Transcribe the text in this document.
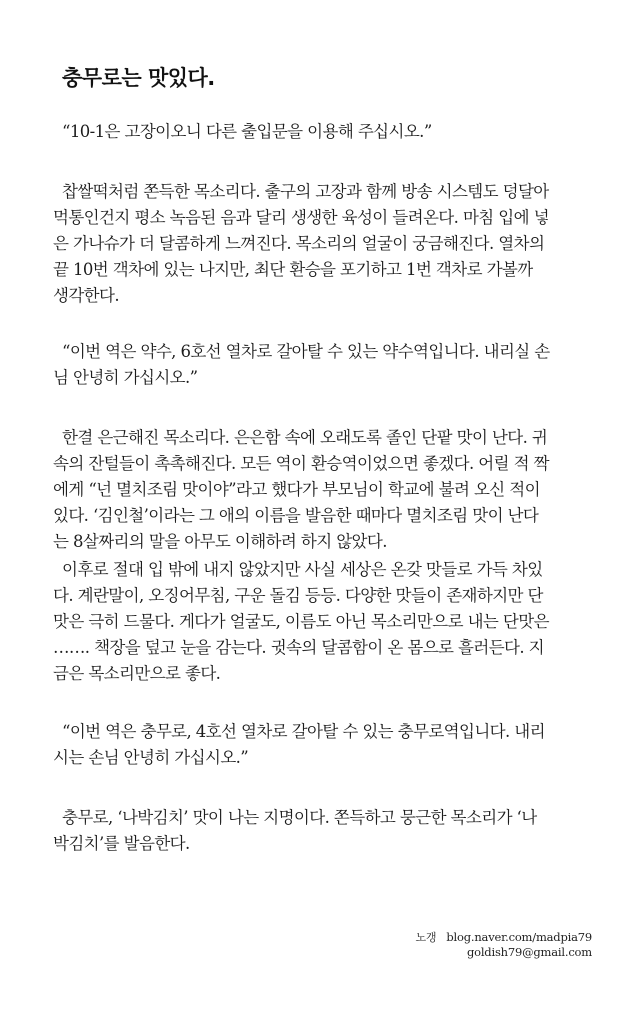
충무로는 맛있다.
“10-1은 고장이오니 다른 출입문을 이용해 주십시오.”
찹쌀떡처럼 쫀득한 목소리다. 출구의 고장과 함께 방송 시스템도 덩달아
먹통인건지 평소 녹음된 음과 달리 생생한 육성이 들려온다. 마침 입에 넣
은 가나슈가 더 달콤하게 느껴진다. 목소리의 얼굴이 궁금해진다. 열차의
끝 10번 객차에 있는 나지만, 최단 환승을 포기하고 1번 객차로 가볼까
생각한다.
“이번 역은 약수, 6호선 열차로 갈아탈 수 있는 약수역입니다. 내리실 손
님 안녕히 가십시오.”
한결 은근해진 목소리다. 은은함 속에 오래도록 졸인 단팥 맛이 난다. 귀
속의 잔털들이 촉촉해진다. 모든 역이 환승역이었으면 좋겠다. 어릴 적 짝
에게 “넌 멸치조림 맛이야”라고 했다가 부모님이 학교에 불려 오신 적이
있다. ‘김인철’이라는 그 애의 이름을 발음한 때마다 멸치조림 맛이 난다
는 8살짜리의 말을 아무도 이해하려 하지 않았다.
이후로 절대 입 밖에 내지 않았지만 사실 세상은 온갖 맛들로 가득 차있
다. 계란말이, 오징어무침, 구운 돌김 등등. 다양한 맛들이 존재하지만 단
맛은 극히 드물다. 게다가 얼굴도, 이름도 아닌 목소리만으로 내는 단맛은
……. 책장을 덮고 눈을 감는다. 귓속의 달콤함이 온 몸으로 흘러든다. 지
금은 목소리만으로 좋다.
“이번 역은 충무로, 4호선 열차로 갈아탈 수 있는 충무로역입니다. 내리
시는 손님 안녕히 가십시오.”
충무로, ‘나박김치’ 맛이 나는 지명이다. 쫀득하고 뭉근한 목소리가 ‘나
박김치’를 발음한다.
노갱 blog.naver.com/madpia79
goldish79@gmail.com
